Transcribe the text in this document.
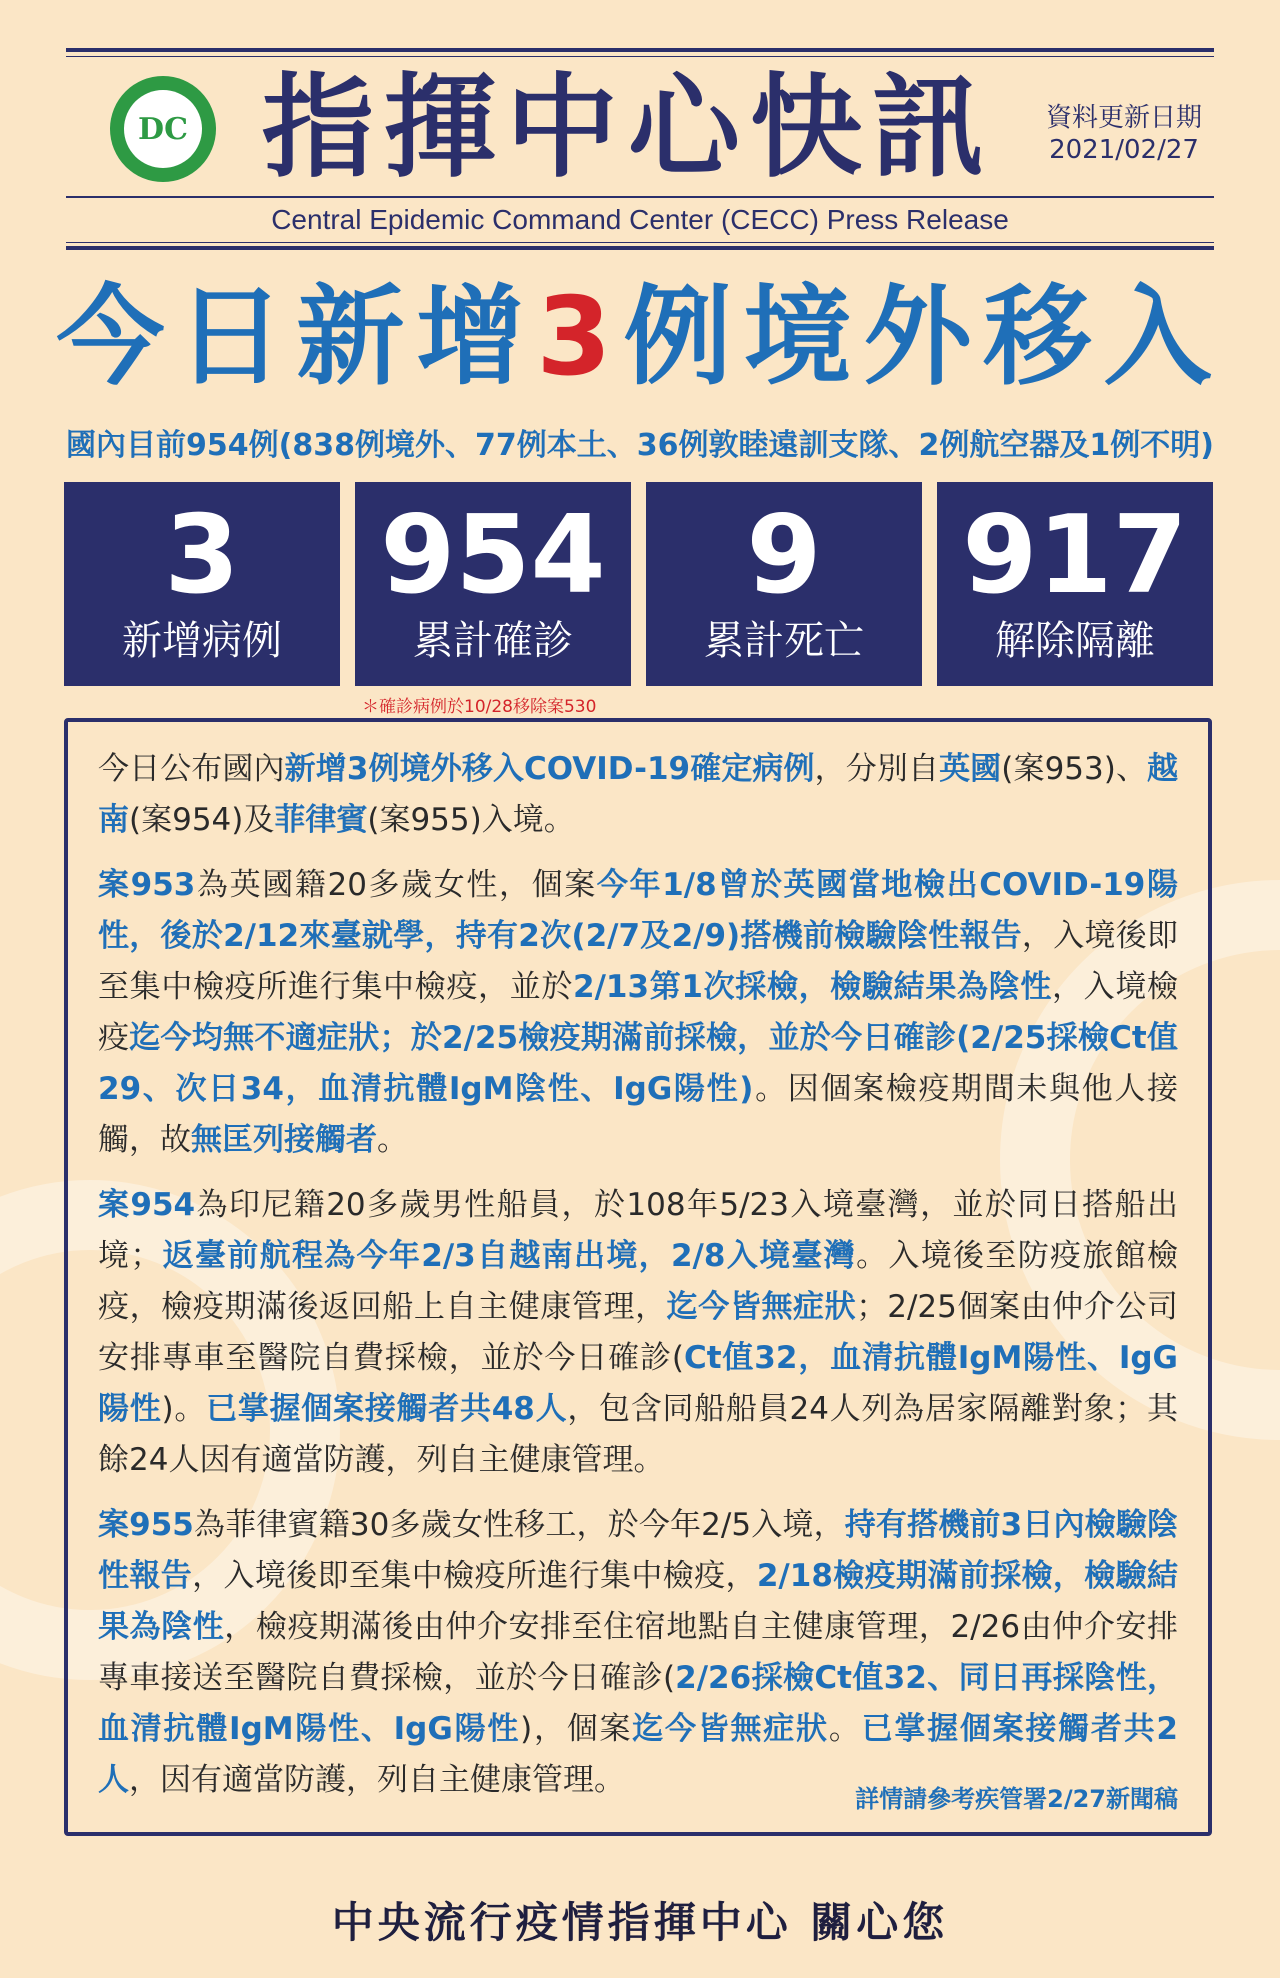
DC 指揮中心快訊	資料更新日期
2021/02/27
Central Epidemic Command Center (CECC) Press Release
今日新增3例境外移入
國內目前954例(838例境外、77例本土、36例敦睦遠訓支隊、2例航空器及1例不明)
3
新增病例
954
累計確診
9
累計死亡
917
解除隔離
＊確診病例於10/28移除案530

今日公布國內新增3例境外移入COVID-19確定病例，分別自英國(案953)、越南(案954)及菲律賓(案955)入境。

案953為英國籍20多歲女性，個案今年1/8曾於英國當地檢出COVID-19陽性，後於2/12來臺就學，持有2次(2/7及2/9)搭機前檢驗陰性報告，入境後即至集中檢疫所進行集中檢疫，並於2/13第1次採檢，檢驗結果為陰性，入境檢疫迄今均無不適症狀；於2/25檢疫期滿前採檢，並於今日確診(2/25採檢Ct值29、次日34，血清抗體IgM陰性、IgG陽性)。因個案檢疫期間未與他人接觸，故無匡列接觸者。

案954為印尼籍20多歲男性船員，於108年5/23入境臺灣，並於同日搭船出境；返臺前航程為今年2/3自越南出境，2/8入境臺灣。入境後至防疫旅館檢疫，檢疫期滿後返回船上自主健康管理，迄今皆無症狀；2/25個案由仲介公司安排專車至醫院自費採檢，並於今日確診(Ct值32，血清抗體IgM陽性、IgG陽性)。已掌握個案接觸者共48人，包含同船船員24人列為居家隔離對象；其餘24人因有適當防護，列自主健康管理。

案955為菲律賓籍30多歲女性移工，於今年2/5入境，持有搭機前3日內檢驗陰性報告，入境後即至集中檢疫所進行集中檢疫，2/18檢疫期滿前採檢，檢驗結果為陰性，檢疫期滿後由仲介安排至住宿地點自主健康管理，2/26由仲介安排專車接送至醫院自費採檢，並於今日確診(2/26採檢Ct值32、同日再採陰性，血清抗體IgM陽性、IgG陽性)，個案迄今皆無症狀。已掌握個案接觸者共2人，因有適當防護，列自主健康管理。

詳情請參考疾管署2/27新聞稿
中央流行疫情指揮中心 關心您
